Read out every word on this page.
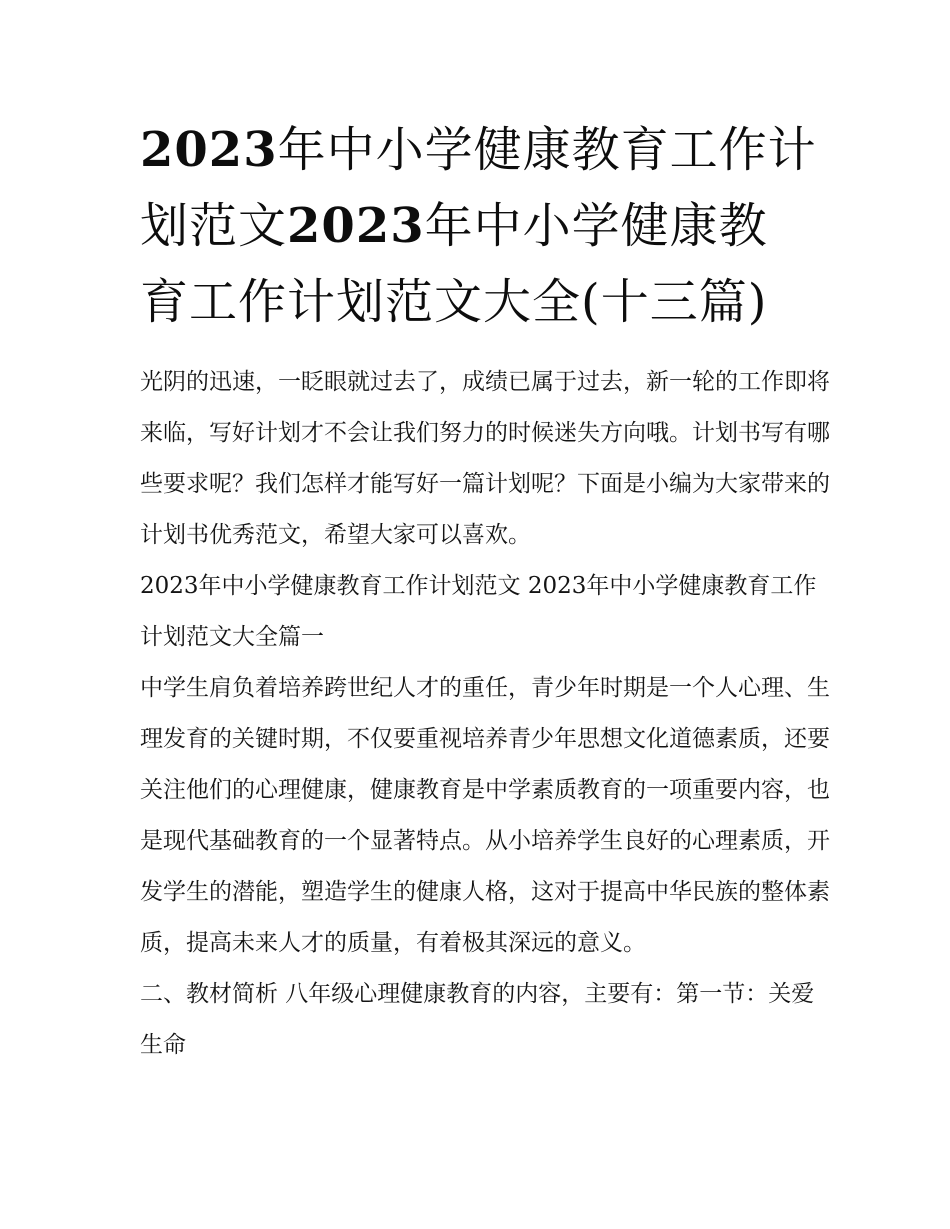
2023年中小学健康教育工作计
划范文2023年中小学健康教
育工作计划范文大全(十三篇)

光阴的迅速，一眨眼就过去了，成绩已属于过去，新一轮的工作即将来临，写好计划才不会让我们努力的时候迷失方向哦。计划书写有哪些要求呢？我们怎样才能写好一篇计划呢？下面是小编为大家带来的计划书优秀范文，希望大家可以喜欢。

2023年中小学健康教育工作计划范文 2023年中小学健康教育工作计划范文大全篇一

中学生肩负着培养跨世纪人才的重任，青少年时期是一个人心理、生理发育的关键时期，不仅要重视培养青少年思想文化道德素质，还要关注他们的心理健康，健康教育是中学素质教育的一项重要内容，也是现代基础教育的一个显著特点。从小培养学生良好的心理素质，开发学生的潜能，塑造学生的健康人格，这对于提高中华民族的整体素质，提高未来人才的质量，有着极其深远的意义。

二、教材简析 八年级心理健康教育的内容，主要有：第一节：关爱生命
